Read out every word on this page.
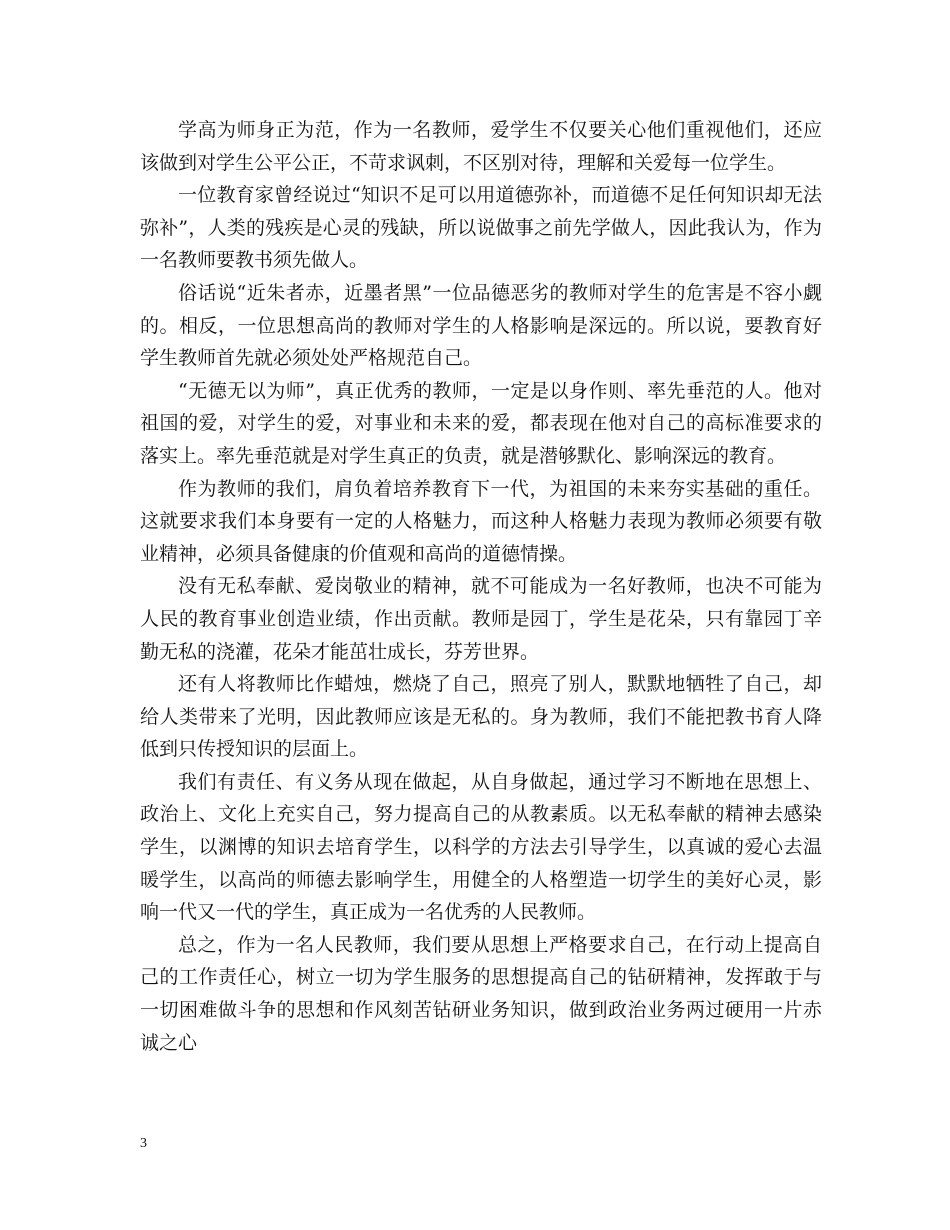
学高为师身正为范，作为一名教师，爱学生不仅要关心他们重视他们，还应该做到对学生公平公正，不苛求讽刺，不区别对待，理解和关爱每一位学生。

一位教育家曾经说过“知识不足可以用道德弥补，而道德不足任何知识却无法弥补”，人类的残疾是心灵的残缺，所以说做事之前先学做人，因此我认为，作为一名教师要教书须先做人。

俗话说“近朱者赤，近墨者黑”一位品德恶劣的教师对学生的危害是不容小觑的。相反，一位思想高尚的教师对学生的人格影响是深远的。所以说，要教育好学生教师首先就必须处处严格规范自己。

“无德无以为师”，真正优秀的教师，一定是以身作则、率先垂范的人。他对祖国的爱，对学生的爱，对事业和未来的爱，都表现在他对自己的高标准要求的落实上。率先垂范就是对学生真正的负责，就是潜够默化、影响深远的教育。

作为教师的我们，肩负着培养教育下一代，为祖国的未来夯实基础的重任。这就要求我们本身要有一定的人格魅力，而这种人格魅力表现为教师必须要有敬业精神，必须具备健康的价值观和高尚的道德情操。

没有无私奉献、爱岗敬业的精神，就不可能成为一名好教师，也决不可能为人民的教育事业创造业绩，作出贡献。教师是园丁，学生是花朵，只有靠园丁辛勤无私的浇灌，花朵才能茁壮成长，芬芳世界。

还有人将教师比作蜡烛，燃烧了自己，照亮了别人，默默地牺牲了自己，却给人类带来了光明，因此教师应该是无私的。身为教师，我们不能把教书育人降低到只传授知识的层面上。

我们有责任、有义务从现在做起，从自身做起，通过学习不断地在思想上、政治上、文化上充实自己，努力提高自己的从教素质。以无私奉献的精神去感染学生，以渊博的知识去培育学生，以科学的方法去引导学生，以真诚的爱心去温暖学生，以高尚的师德去影响学生，用健全的人格塑造一切学生的美好心灵，影响一代又一代的学生，真正成为一名优秀的人民教师。

总之，作为一名人民教师，我们要从思想上严格要求自己，在行动上提高自己的工作责任心，树立一切为学生服务的思想提高自己的钻研精神，发挥敢于与一切困难做斗争的思想和作风刻苦钻研业务知识，做到政治业务两过硬用一片赤诚之心

3
